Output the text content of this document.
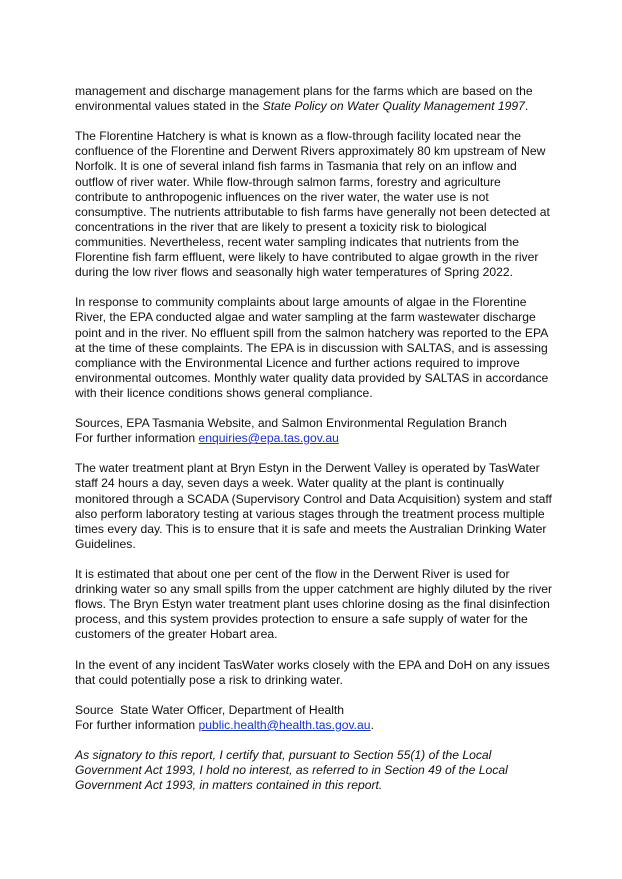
management and discharge management plans for the farms which are based on the environmental values stated in the State Policy on Water Quality Management 1997.

The Florentine Hatchery is what is known as a flow-through facility located near the confluence of the Florentine and Derwent Rivers approximately 80 km upstream of New Norfolk. It is one of several inland fish farms in Tasmania that rely on an inflow and outflow of river water. While flow-through salmon farms, forestry and agriculture contribute to anthropogenic influences on the river water, the water use is not consumptive. The nutrients attributable to fish farms have generally not been detected at concentrations in the river that are likely to present a toxicity risk to biological communities. Nevertheless, recent water sampling indicates that nutrients from the Florentine fish farm effluent, were likely to have contributed to algae growth in the river during the low river flows and seasonally high water temperatures of Spring 2022.

In response to community complaints about large amounts of algae in the Florentine River, the EPA conducted algae and water sampling at the farm wastewater discharge point and in the river. No effluent spill from the salmon hatchery was reported to the EPA at the time of these complaints. The EPA is in discussion with SALTAS, and is assessing compliance with the Environmental Licence and further actions required to improve environmental outcomes. Monthly water quality data provided by SALTAS in accordance with their licence conditions shows general compliance.

Sources, EPA Tasmania Website, and Salmon Environmental Regulation Branch

For further information enquiries@epa.tas.gov.au

The water treatment plant at Bryn Estyn in the Derwent Valley is operated by TasWater staff 24 hours a day, seven days a week. Water quality at the plant is continually monitored through a SCADA (Supervisory Control and Data Acquisition) system and staff also perform laboratory testing at various stages through the treatment process multiple times every day. This is to ensure that it is safe and meets the Australian Drinking Water Guidelines.

It is estimated that about one per cent of the flow in the Derwent River is used for drinking water so any small spills from the upper catchment are highly diluted by the river flows. The Bryn Estyn water treatment plant uses chlorine dosing as the final disinfection process, and this system provides protection to ensure a safe supply of water for the customers of the greater Hobart area.

In the event of any incident TasWater works closely with the EPA and DoH on any issues that could potentially pose a risk to drinking water.

Source State Water Officer, Department of Health

For further information public.health@health.tas.gov.au.

As signatory to this report, I certify that, pursuant to Section 55(1) of the Local Government Act 1993, I hold no interest, as referred to in Section 49 of the Local Government Act 1993, in matters contained in this report.
